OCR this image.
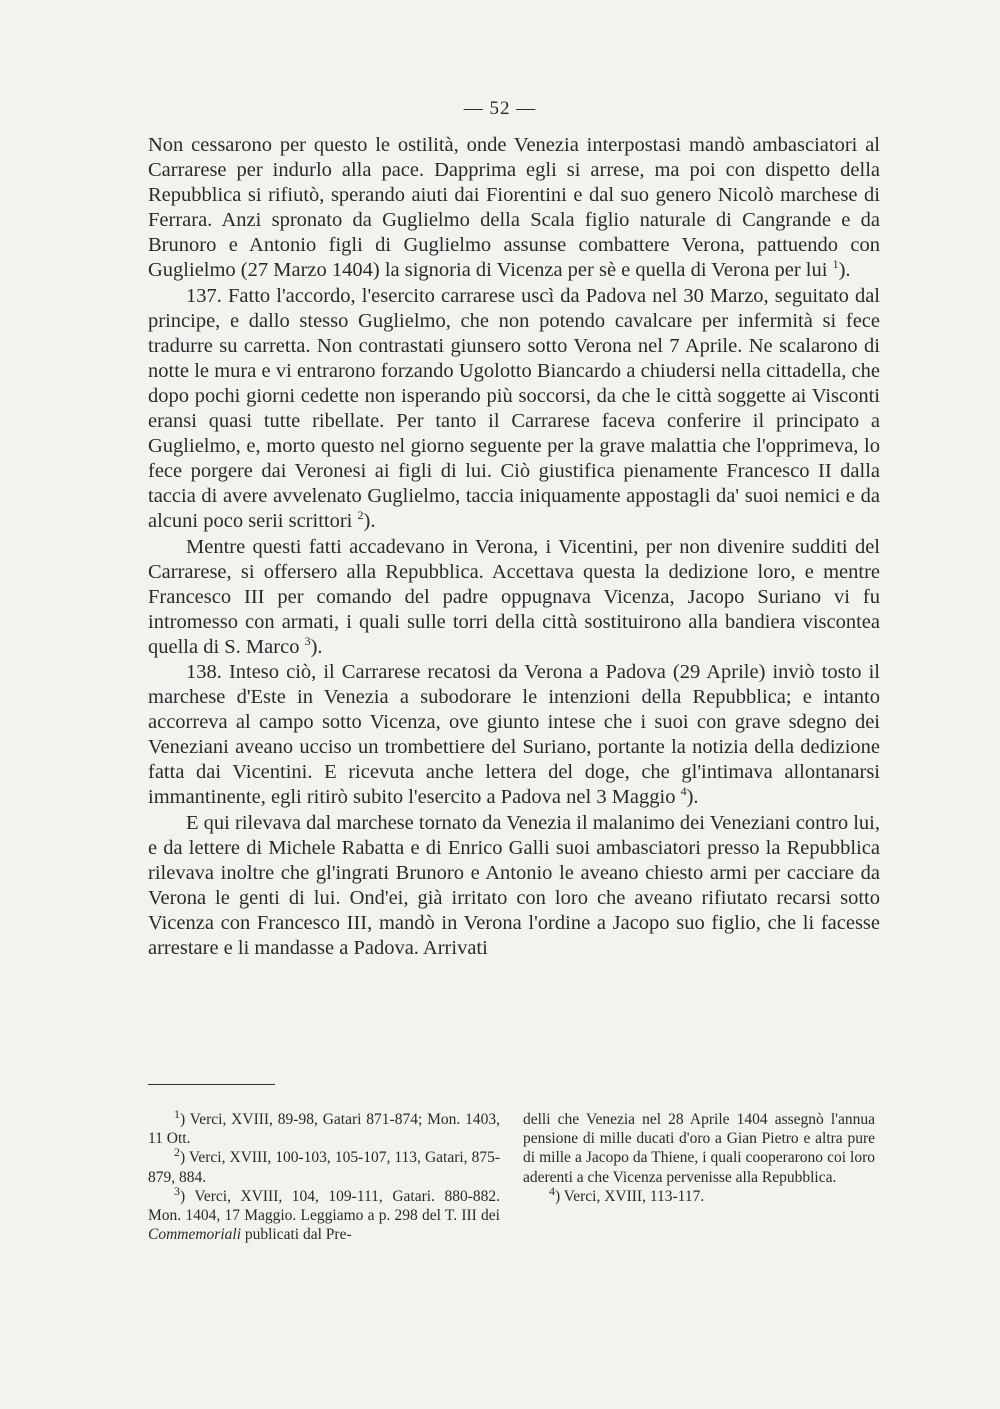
— 52 —

Non cessarono per questo le ostilità, onde Venezia interpostasi mandò ambasciatori al Carrarese per indurlo alla pace. Dapprima egli si arrese, ma poi con dispetto della Repubblica si rifiutò, sperando aiuti dai Fiorentini e dal suo genero Nicolò marchese di Ferrara. Anzi spronato da Guglielmo della Scala figlio naturale di Cangrande e da Brunoro e Antonio figli di Guglielmo assunse combattere Verona, pattuendo con Guglielmo (27 Marzo 1404) la signoria di Vicenza per sè e quella di Verona per lui $^1$).

137. Fatto l'accordo, l'esercito carrarese uscì da Padova nel 30 Marzo, seguitato dal principe, e dallo stesso Guglielmo, che non potendo cavalcare per infermità si fece tradurre su carretta. Non contrastati giunsero sotto Verona nel 7 Aprile. Ne scalarono di notte le mura e vi entrarono forzando Ugolotto Biancardo a chiudersi nella cittadella, che dopo pochi giorni cedette non isperando più soccorsi, da che le città soggette ai Visconti eransi quasi tutte ribellate. Per tanto il Carrarese faceva conferire il principato a Guglielmo, e, morto questo nel giorno seguente per la grave malattia che l'opprimeva, lo fece porgere dai Veronesi ai figli di lui. Ciò giustifica pienamente Francesco II dalla taccia di avere avvelenato Guglielmo, taccia iniquamente appostagli da' suoi nemici e da alcuni poco serii scrittori $^2$).

Mentre questi fatti accadevano in Verona, i Vicentini, per non divenire sudditi del Carrarese, si offersero alla Repubblica. Accettava questa la dedizione loro, e mentre Francesco III per comando del padre oppugnava Vicenza, Jacopo Suriano vi fu intromesso con armati, i quali sulle torri della città sostituirono alla bandiera viscontea quella di S. Marco $^3$).

138. Inteso ciò, il Carrarese recatosi da Verona a Padova (29 Aprile) inviò tosto il marchese d'Este in Venezia a subodorare le intenzioni della Repubblica; e intanto accorreva al campo sotto Vicenza, ove giunto intese che i suoi con grave sdegno dei Veneziani aveano ucciso un trombettiere del Suriano, portante la notizia della dedizione fatta dai Vicentini. E ricevuta anche lettera del doge, che gl'intimava allontanarsi immantinente, egli ritirò subito l'esercito a Padova nel 3 Maggio $^4$).

E qui rilevava dal marchese tornato da Venezia il malanimo dei Veneziani contro lui, e da lettere di Michele Rabatta e di Enrico Galli suoi ambasciatori presso la Repubblica rilevava inoltre che gl'ingrati Brunoro e Antonio le aveano chiesto armi per cacciare da Verona le genti di lui. Ond'ei, già irritato con loro che aveano rifiutato recarsi sotto Vicenza con Francesco III, mandò in Verona l'ordine a Jacopo suo figlio, che li facesse arrestare e li mandasse a Padova. Arrivati

$^1$) Verci, XVIII, 89-98, Gatari 871-874; Mon. 1403, 11 Ott.

$^2$) Verci, XVIII, 100-103, 105-107, 113, Gatari, 875-879, 884.

$^3$) Verci, XVIII, 104, 109-111, Gatari. 880-882. Mon. 1404, 17 Maggio. Leggiamo a p. 298 del T. III dei Commemoriali publicati dal Pre-

delli che Venezia nel 28 Aprile 1404 assegnò l'annua pensione di mille ducati d'oro a Gian Pietro e altra pure di mille a Jacopo da Thiene, i quali cooperarono coi loro aderenti a che Vicenza pervenisse alla Repubblica.

$^4$) Verci, XVIII, 113-117.
